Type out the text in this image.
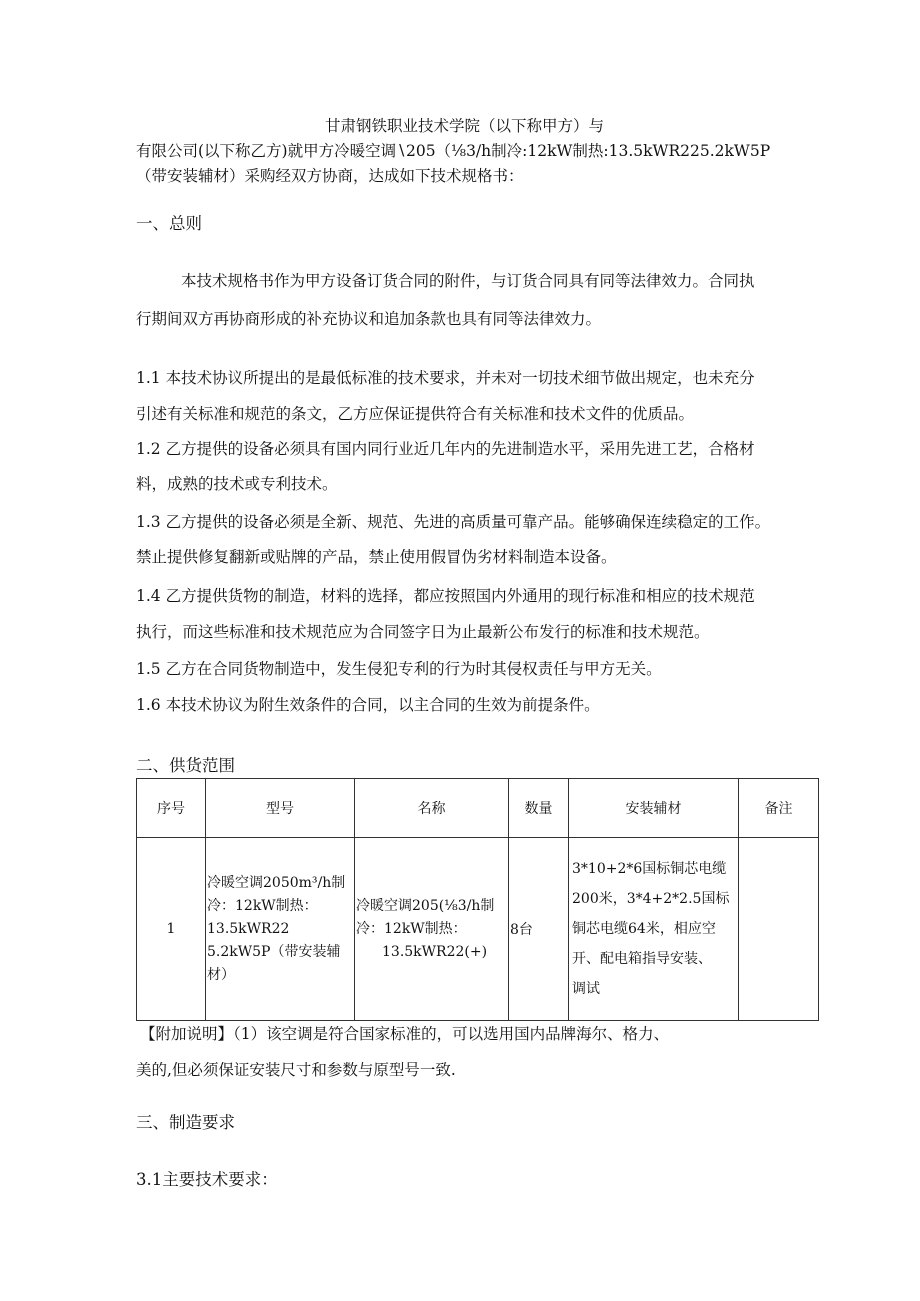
甘肃钢铁职业技术学院（以下称甲方）与
有限公司(以下称乙方)就甲方冷暖空调∖205（⅛3/h制冷:12kW制热:13.5kWR225.2kW5P
（带安装辅材）采购经双方协商，达成如下技术规格书：
一、总则
本技术规格书作为甲方设备订货合同的附件，与订货合同具有同等法律效力。合同执
行期间双方再协商形成的补充协议和追加条款也具有同等法律效力。
1.1 本技术协议所提出的是最低标准的技术要求，并未对一切技术细节做出规定，也未充分
引述有关标准和规范的条文，乙方应保证提供符合有关标准和技术文件的优质品。
1.2 乙方提供的设备必须具有国内同行业近几年内的先进制造水平，采用先进工艺，合格材
料，成熟的技术或专利技术。
1.3 乙方提供的设备必须是全新、规范、先进的高质量可靠产品。能够确保连续稳定的工作。
禁止提供修复翻新或贴牌的产品，禁止使用假冒伪劣材料制造本设备。
1.4 乙方提供货物的制造，材料的选择，都应按照国内外通用的现行标准和相应的技术规范
执行，而这些标准和技术规范应为合同签字日为止最新公布发行的标准和技术规范。
1.5 乙方在合同货物制造中，发生侵犯专利的行为时其侵权责任与甲方无关。
1.6 本技术协议为附生效条件的合同，以主合同的生效为前提条件。
二、供货范围
序号	型号	名称	数量	安装辅材	备注
1	冷暖空调2050m³/h制
冷：12kW制热：
13.5kWR22
5.2kW5P（带安装辅
材）	冷暖空调205(⅛3/h制
冷：12kW制热：
13.5kWR22(+)	8台	3*10+2*6国标铜芯电缆
200米，3*4+2*2.5国标
铜芯电缆64米，相应空
开、配电箱指导安装、
调试	

【附加说明】（1）该空调是符合国家标准的，可以选用国内品牌海尔、格力、
美的,但必须保证安装尺寸和参数与原型号一致.
三、制造要求
3.1主要技术要求：
